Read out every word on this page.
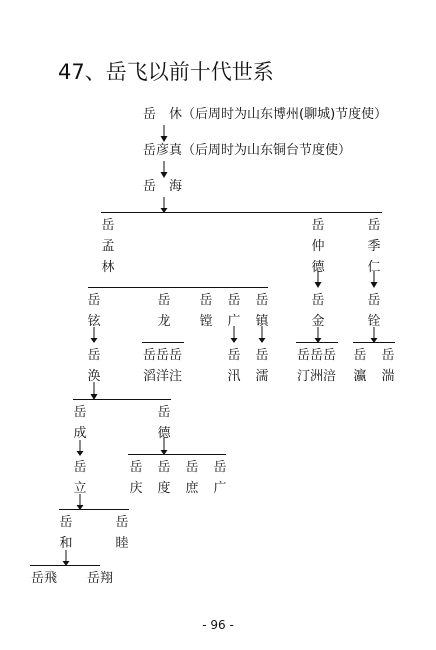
47、岳飞以前十代世系
岳　休（后周时为山东博州(聊城)节度使）
岳彦真（后周时为山东铜台节度使）
岳　海
岳孟林
岳仲德
岳季仁
岳铉
岳龙
岳镗
岳广
岳镇
岳金
岳铨
岳涣
岳岳岳
滔洋注
岳汛
岳濡
岳岳岳
汀洲涪
岳瀛
岳湍
岳成
岳德
岳立
岳庆
岳度
岳庶
岳广
岳和
岳睦
岳飛 岳翔
- 96 -
